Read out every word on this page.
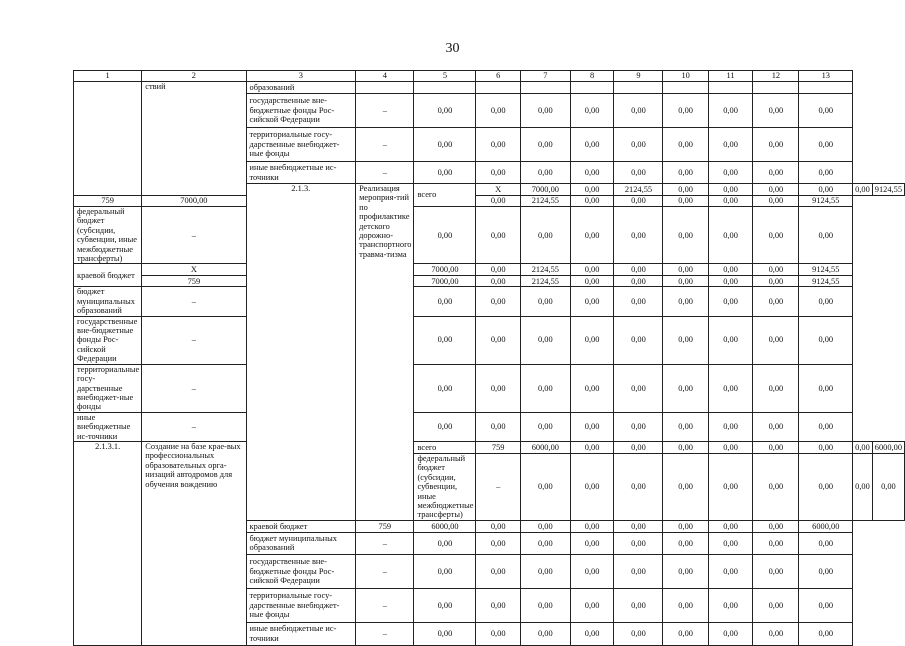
30
1	2	3	4	5	6	7	8	9	10	11	12	13		
	ствий	образований												
		государственные вне-бюджетные фонды Рос-сийской Федерации	–	0,00	0,00	0,00	0,00	0,00	0,00	0,00	0,00	0,00		
		территориальные госу-дарственные внебюджет-ные фонды	–	0,00	0,00	0,00	0,00	0,00	0,00	0,00	0,00	0,00		
		иные внебюджетные ис-точники	–	0,00	0,00	0,00	0,00	0,00	0,00	0,00	0,00	0,00		
		2.1.3.	Реализация мероприя-тий по профилактике детского дорожно-транспортного травма-тизма	всего	X	7000,00	0,00	2124,55	0,00	0,00	0,00	0,00	0,00	9124,55
759	7000,00				0,00	2124,55	0,00	0,00	0,00	0,00	0,00	9124,55		
федеральный бюджет (субсидии, субвенции, иные межбюджетные трансферты)	–			0,00	0,00	0,00	0,00	0,00	0,00	0,00	0,00	0,00		
краевой бюджет	X			7000,00	0,00	2124,55	0,00	0,00	0,00	0,00	0,00	9124,55		
	759			7000,00	0,00	2124,55	0,00	0,00	0,00	0,00	0,00	9124,55		
бюджет муниципальных образований	–			0,00	0,00	0,00	0,00	0,00	0,00	0,00	0,00	0,00		
государственные вне-бюджетные фонды Рос-сийской Федерации	–			0,00	0,00	0,00	0,00	0,00	0,00	0,00	0,00	0,00		
территориальные госу-дарственные внебюджет-ные фонды	–			0,00	0,00	0,00	0,00	0,00	0,00	0,00	0,00	0,00		
иные внебюджетные ис-точники	–			0,00	0,00	0,00	0,00	0,00	0,00	0,00	0,00	0,00		
2.1.3.1.	Создание на базе крае-вых профессиональных образовательных орга-низаций автодромов для обучения вождению			всего	759	6000,00	0,00	0,00	0,00	0,00	0,00	0,00	0,00	6000,00
				федеральный бюджет (субсидии, субвенции, иные межбюджетные трансферты)	–	0,00	0,00	0,00	0,00	0,00	0,00	0,00	0,00	0,00
		краевой бюджет	759	6000,00	0,00	0,00	0,00	0,00	0,00	0,00	0,00	6000,00		
		бюджет муниципальных образований	–	0,00	0,00	0,00	0,00	0,00	0,00	0,00	0,00	0,00		
		государственные вне-бюджетные фонды Рос-сийской Федерации	–	0,00	0,00	0,00	0,00	0,00	0,00	0,00	0,00	0,00		
		территориальные госу-дарственные внебюджет-ные фонды	–	0,00	0,00	0,00	0,00	0,00	0,00	0,00	0,00	0,00		
		иные внебюджетные ис-точники	–	0,00	0,00	0,00	0,00	0,00	0,00	0,00	0,00	0,00		
